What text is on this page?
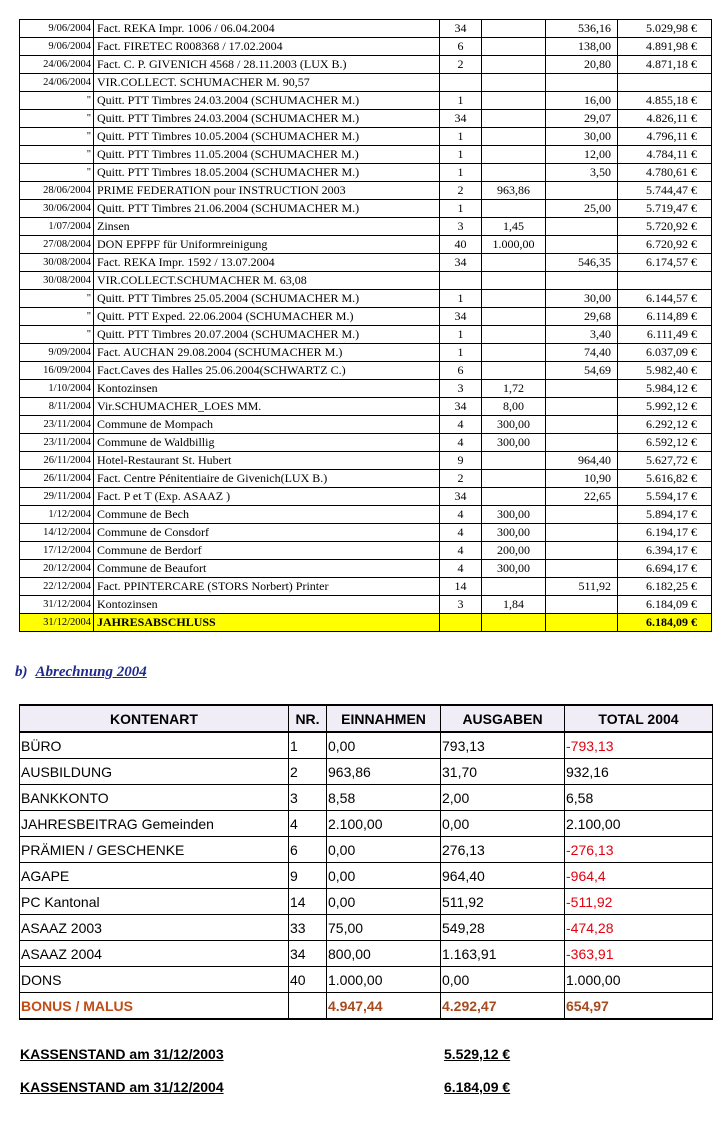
9/06/2004	Fact. REKA Impr. 1006 / 06.04.2004	34		536,16	5.029,98 €
9/06/2004	Fact. FIRETEC R008368 / 17.02.2004	6		138,00	4.891,98 €
24/06/2004	Fact. C. P. GIVENICH 4568 / 28.11.2003 (LUX B.)	2		20,80	4.871,18 €
24/06/2004	VIR.COLLECT. SCHUMACHER M. 90,57				
"	Quitt. PTT Timbres 24.03.2004 (SCHUMACHER M.)	1		16,00	4.855,18 €
"	Quitt. PTT Timbres 24.03.2004 (SCHUMACHER M.)	34		29,07	4.826,11 €
"	Quitt. PTT Timbres 10.05.2004 (SCHUMACHER M.)	1		30,00	4.796,11 €
"	Quitt. PTT Timbres 11.05.2004 (SCHUMACHER M.)	1		12,00	4.784,11 €
"	Quitt. PTT Timbres 18.05.2004 (SCHUMACHER M.)	1		3,50	4.780,61 €
28/06/2004	PRIME FEDERATION pour INSTRUCTION 2003	2	963,86		5.744,47 €
30/06/2004	Quitt. PTT Timbres 21.06.2004 (SCHUMACHER M.)	1		25,00	5.719,47 €
1/07/2004	Zinsen	3	1,45		5.720,92 €
27/08/2004	DON EPFPF für Uniformreinigung	40	1.000,00		6.720,92 €
30/08/2004	Fact. REKA Impr. 1592 / 13.07.2004	34		546,35	6.174,57 €
30/08/2004	VIR.COLLECT.SCHUMACHER M. 63,08				
"	Quitt. PTT Timbres 25.05.2004 (SCHUMACHER M.)	1		30,00	6.144,57 €
"	Quitt. PTT Exped. 22.06.2004 (SCHUMACHER M.)	34		29,68	6.114,89 €
"	Quitt. PTT Timbres 20.07.2004 (SCHUMACHER M.)	1		3,40	6.111,49 €
9/09/2004	Fact. AUCHAN 29.08.2004 (SCHUMACHER M.)	1		74,40	6.037,09 €
16/09/2004	Fact.Caves des Halles 25.06.2004(SCHWARTZ C.)	6		54,69	5.982,40 €
1/10/2004	Kontozinsen	3	1,72		5.984,12 €
8/11/2004	Vir.SCHUMACHER_LOES MM.	34	8,00		5.992,12 €
23/11/2004	Commune de Mompach	4	300,00		6.292,12 €
23/11/2004	Commune de Waldbillig	4	300,00		6.592,12 €
26/11/2004	Hotel-Restaurant St. Hubert	9		964,40	5.627,72 €
26/11/2004	Fact. Centre Pénitentiaire de Givenich(LUX B.)	2		10,90	5.616,82 €
29/11/2004	Fact. P et T (Exp. ASAAZ )	34		22,65	5.594,17 €
1/12/2004	Commune de Bech	4	300,00		5.894,17 €
14/12/2004	Commune de Consdorf	4	300,00		6.194,17 €
17/12/2004	Commune de Berdorf	4	200,00		6.394,17 €
20/12/2004	Commune de Beaufort	4	300,00		6.694,17 €
22/12/2004	Fact. PPINTERCARE (STORS Norbert) Printer	14		511,92	6.182,25 €
31/12/2004	Kontozinsen	3	1,84		6.184,09 €
31/12/2004	JAHRESABSCHLUSS				6.184,09 €
b) Abrechnung 2004
KONTENART	NR.	EINNAHMEN	AUSGABEN	TOTAL 2004
BÜRO	1	0,00	793,13	-793,13
AUSBILDUNG	2	963,86	31,70	932,16
BANKKONTO	3	8,58	2,00	6,58
JAHRESBEITRAG Gemeinden	4	2.100,00	0,00	2.100,00
PRÄMIEN / GESCHENKE	6	0,00	276,13	-276,13
AGAPE	9	0,00	964,40	-964,4
PC Kantonal	14	0,00	511,92	-511,92
ASAAZ 2003	33	75,00	549,28	-474,28
ASAAZ 2004	34	800,00	1.163,91	-363,91
DONS	40	1.000,00	0,00	1.000,00
BONUS / MALUS		4.947,44	4.292,47	654,97
KASSENSTAND am 31/12/2003	5.529,12 €
KASSENSTAND am 31/12/2004	6.184,09 €
